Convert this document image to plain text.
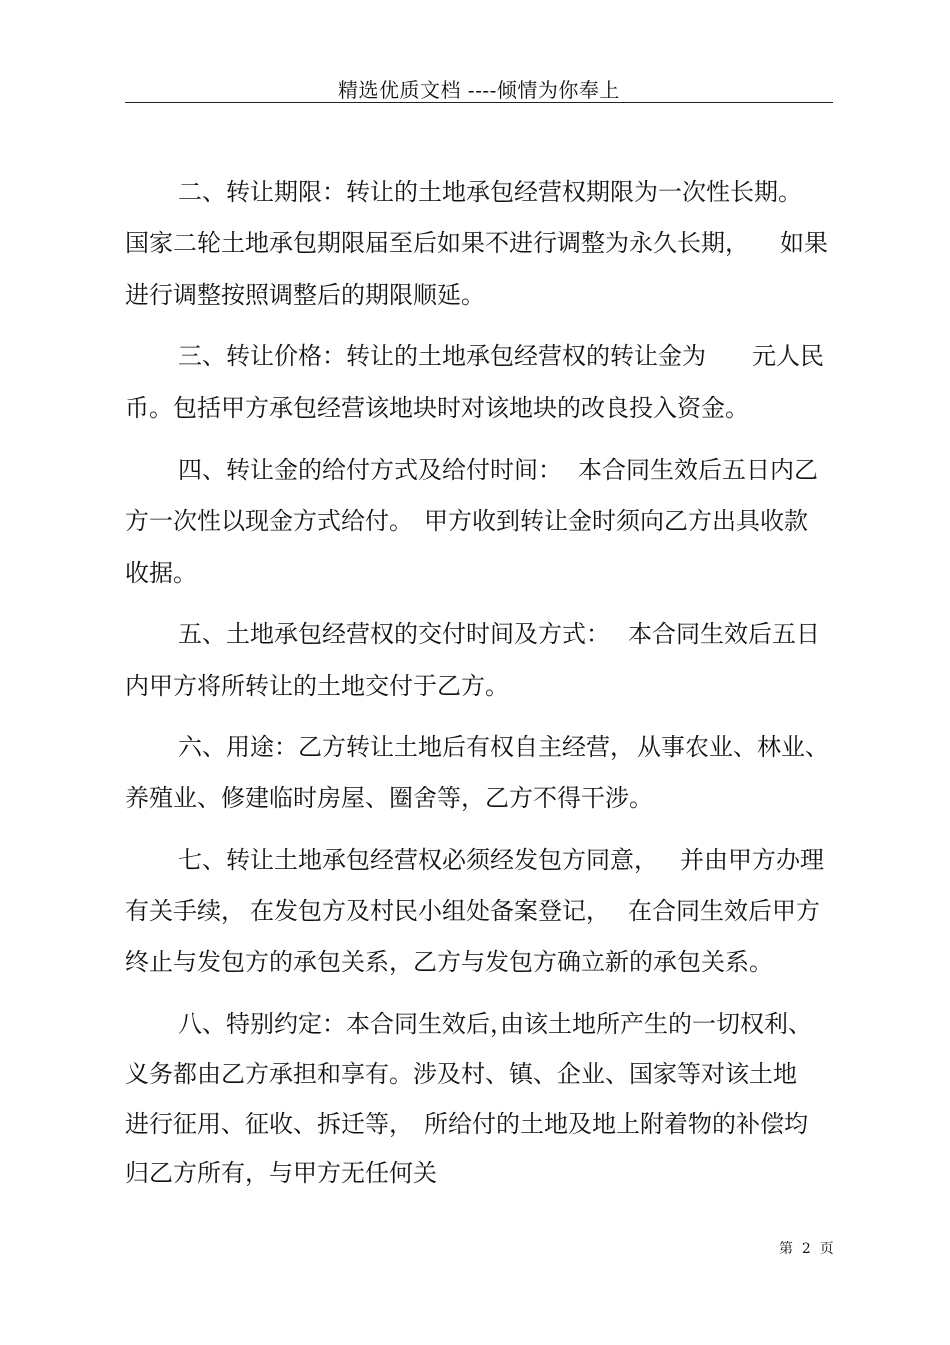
精选优质文档 ----倾情为你奉上
二、转让期限：转让的土地承包经营权期限为一次性长期。
国家二轮土地承包期限届至后如果不进行调整为永久长期， 如果
进行调整按照调整后的期限顺延。
三、转让价格：转让的土地承包经营权的转让金为 元人民
币。包括甲方承包经营该地块时对该地块的改良投入资金。
四、转让金的给付方式及给付时间： 本合同生效后五日内乙
方一次性以现金方式给付。 甲方收到转让金时须向乙方出具收款
收据。
五、土地承包经营权的交付时间及方式： 本合同生效后五日
内甲方将所转让的土地交付于乙方。
六、用途：乙方转让土地后有权自主经营， 从事农业、林业、
养殖业、修建临时房屋、圈舍等，乙方不得干涉。
七、转让土地承包经营权必须经发包方同意， 并由甲方办理
有关手续， 在发包方及村民小组处备案登记， 在合同生效后甲方
终止与发包方的承包关系，乙方与发包方确立新的承包关系。
八、特别约定：本合同生效后，
由该土地所产生的一切权利、
义务都由乙方承担和享有。涉及村、镇、企业、国家等对该土地
进行征用、征收、拆迁等， 所给付的土地及地上附着物的补偿均
归乙方所有，与甲方无任何关
第  2  页
